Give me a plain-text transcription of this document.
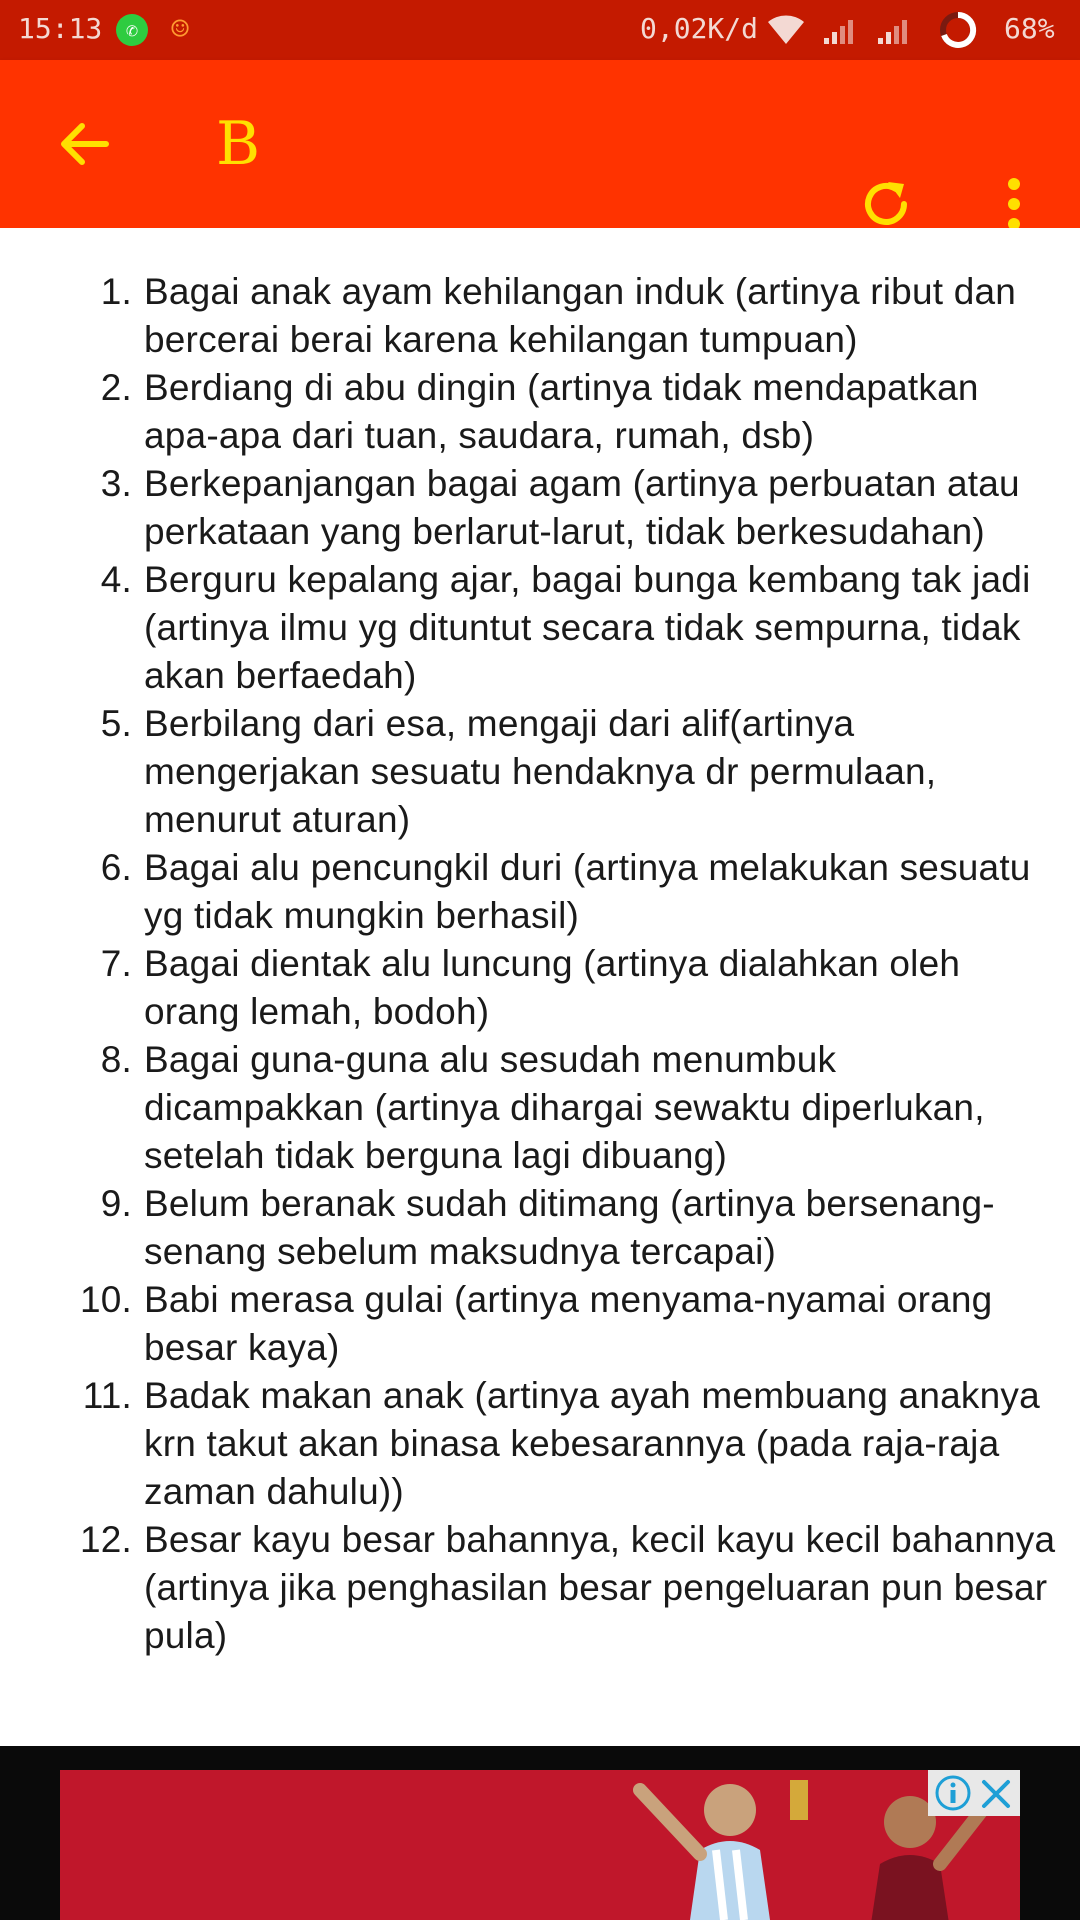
15:13	✆	☺	0,02K/d	68%
B
1. Bagai anak ayam kehilangan induk (artinya ribut dan bercerai berai karena kehilangan tumpuan)
2. Berdiang di abu dingin (artinya tidak mendapatkan apa-apa dari tuan, saudara, rumah, dsb)
3. Berkepanjangan bagai agam (artinya perbuatan atau perkataan yang berlarut-larut, tidak berkesudahan)
4. Berguru kepalang ajar, bagai bunga kembang tak jadi (artinya ilmu yg dituntut secara tidak sempurna, tidak akan berfaedah)
5. Berbilang dari esa, mengaji dari alif(artinya mengerjakan sesuatu hendaknya dr permulaan, menurut aturan)
6. Bagai alu pencungkil duri (artinya melakukan sesuatu yg tidak mungkin berhasil)
7. Bagai dientak alu luncung (artinya dialahkan oleh orang lemah, bodoh)
8. Bagai guna-guna alu sesudah menumbuk dicampakkan (artinya dihargai sewaktu diperlukan, setelah tidak berguna lagi dibuang)
9. Belum beranak sudah ditimang (artinya bersenang-senang sebelum maksudnya tercapai)
10. Babi merasa gulai (artinya menyama-nyamai orang besar kaya)
11. Badak makan anak (artinya ayah membuang anaknya krn takut akan binasa kebesarannya (pada raja-raja zaman dahulu))
12. Besar kayu besar bahannya, kecil kayu kecil bahannya (artinya jika penghasilan besar pengeluaran pun besar pula)
